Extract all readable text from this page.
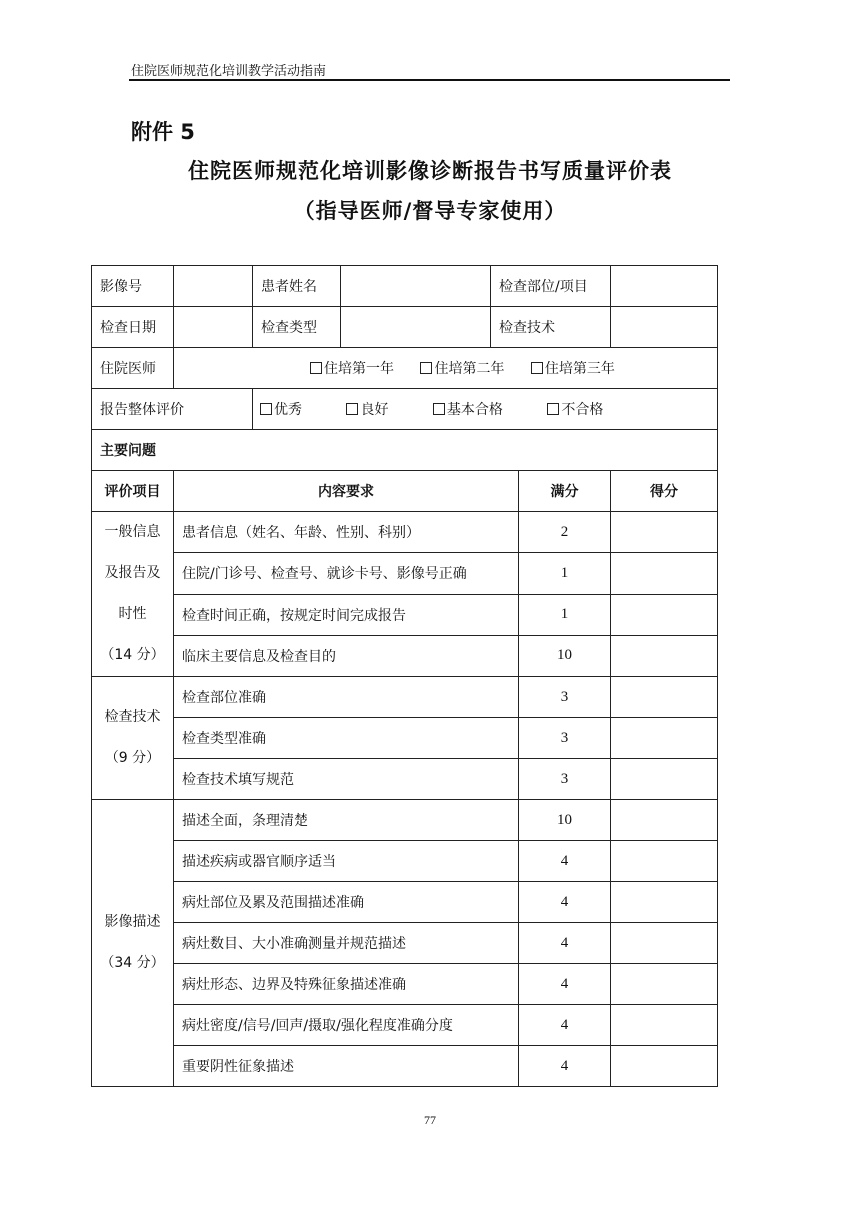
住院医师规范化培训教学活动指南
附件 5
住院医师规范化培训影像诊断报告书写质量评价表
（指导医师/督导专家使用）
影像号		患者姓名		检查部位/项目		
检查日期		检查类型		检查技术		
住院医师	住培第一年 住培第二年 住培第三年					
报告整体评价		优秀 良好 基本合格 不合格				
主要问题						
评价项目	内容要求				满分	得分

一般信息
及报告及
时性
（14 分）	患者信息（姓名、年龄、性别、科别）				2	
	住院/门诊号、检查号、就诊卡号、影像号正确				1	
	检查时间正确，按规定时间完成报告				1	
	临床主要信息及检查目的				10	

检查技术
（9 分）	检查部位准确				3	
	检查类型准确				3	
	检查技术填写规范				3	

影像描述
（34 分）	描述全面，条理清楚				10	
	描述疾病或器官顺序适当				4	
	病灶部位及累及范围描述准确				4	
	病灶数目、大小准确测量并规范描述				4	
	病灶形态、边界及特殊征象描述准确				4	
	病灶密度/信号/回声/摄取/强化程度准确分度				4	
	重要阴性征象描述				4	
77
